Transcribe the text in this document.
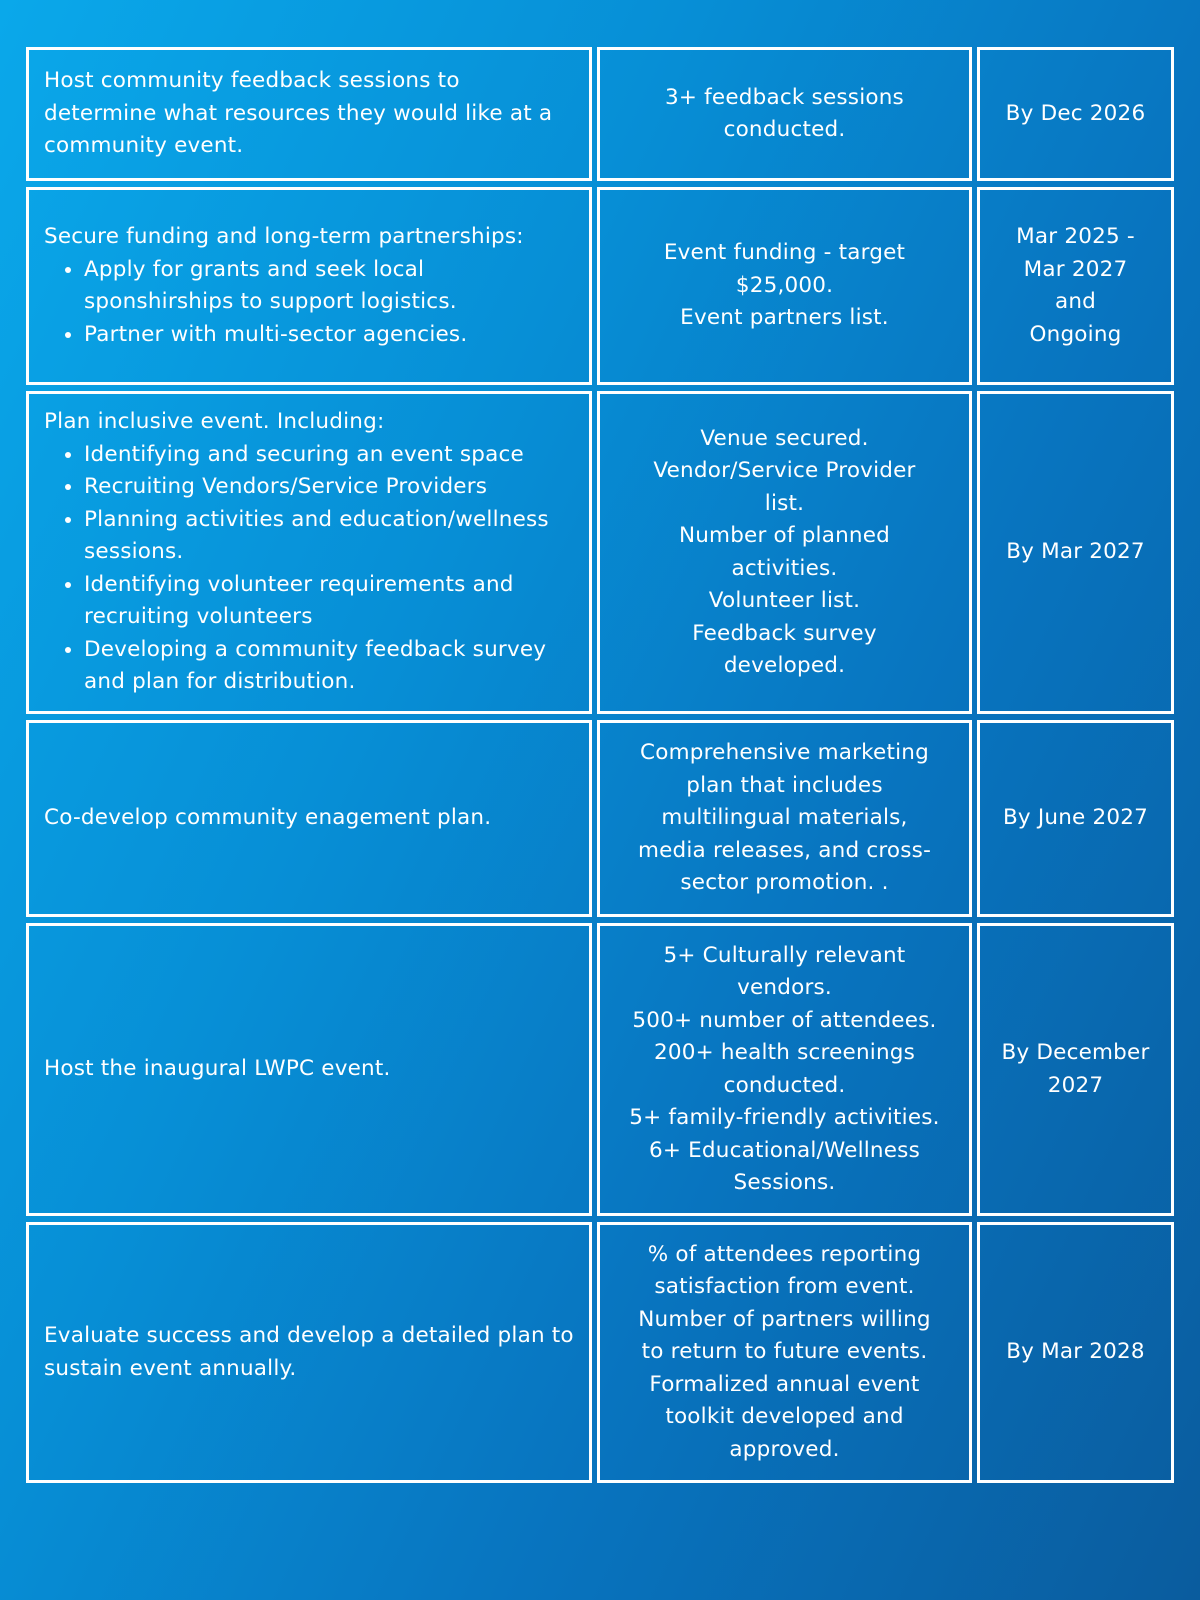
Host community feedback sessions to determine what resources they would like at a community event.
3+ feedback sessions
conducted.
By Dec 2026
Secure funding and long-term partnerships:
• Apply for grants and seek local sponshirships to support logistics.
• Partner with multi-sector agencies.
Event funding - target
$25,000.
Event partners list.
Mar 2025 -
Mar 2027
and
Ongoing
Plan inclusive event. Including:
• Identifying and securing an event space
• Recruiting Vendors/Service Providers
• Planning activities and education/wellness sessions.
• Identifying volunteer requirements and recruiting volunteers
• Developing a community feedback survey and plan for distribution.
Venue secured.
Vendor/Service Provider
list.
Number of planned
activities.
Volunteer list.
Feedback survey
developed.
By Mar 2027
Co-develop community enagement plan.
Comprehensive marketing
plan that includes
multilingual materials,
media releases, and cross-
sector promotion. .
By June 2027
Host the inaugural LWPC event.
5+ Culturally relevant
vendors.
500+ number of attendees.
200+ health screenings
conducted.
5+ family-friendly activities.
6+ Educational/Wellness
Sessions.
By December
2027
Evaluate success and develop a detailed plan to sustain event annually.
% of attendees reporting
satisfaction from event.
Number of partners willing
to return to future events.
Formalized annual event
toolkit developed and
approved.
By Mar 2028
